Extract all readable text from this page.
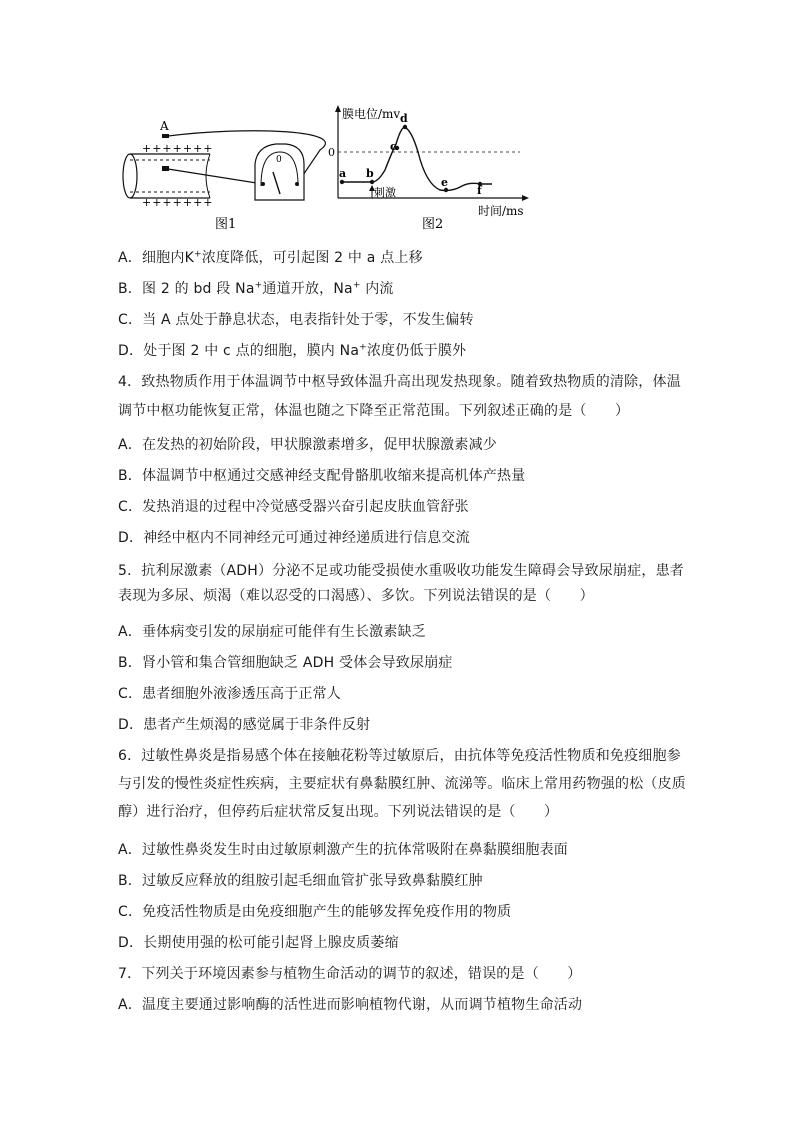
A
+++++++
+++++++
0
图1
膜电位/mv
时间/ms
0
a b
c
d
e
f
刺激
图2
A．细胞内K+浓度降低，可引起图 2 中 a 点上移
B．图 2 的 bd 段 Na+通道开放，Na+ 内流
C．当 A 点处于静息状态，电表指针处于零，不发生偏转
D．处于图 2 中 c 点的细胞，膜内 Na+浓度仍低于膜外
4．致热物质作用于体温调节中枢导致体温升高出现发热现象。随着致热物质的清除，体温
调节中枢功能恢复正常，体温也随之下降至正常范围。下列叙述正确的是（　　）
A．在发热的初始阶段，甲状腺激素增多，促甲状腺激素减少
B．体温调节中枢通过交感神经支配骨骼肌收缩来提高机体产热量
C．发热消退的过程中冷觉感受器兴奋引起皮肤血管舒张
D．神经中枢内不同神经元可通过神经递质进行信息交流
5．抗利尿激素（ADH）分泌不足或功能受损使水重吸收功能发生障碍会导致尿崩症，患者
表现为多尿、烦渴（难以忍受的口渴感）、多饮。下列说法错误的是（　　）
A．垂体病变引发的尿崩症可能伴有生长激素缺乏
B．肾小管和集合管细胞缺乏 ADH 受体会导致尿崩症
C．患者细胞外液渗透压高于正常人
D．患者产生烦渴的感觉属于非条件反射
6．过敏性鼻炎是指易感个体在接触花粉等过敏原后，由抗体等免疫活性物质和免疫细胞参
与引发的慢性炎症性疾病，主要症状有鼻黏膜红肿、流涕等。临床上常用药物强的松（皮质
醇）进行治疗，但停药后症状常反复出现。下列说法错误的是（　　）
A．过敏性鼻炎发生时由过敏原刺激产生的抗体常吸附在鼻黏膜细胞表面
B．过敏反应释放的组胺引起毛细血管扩张导致鼻黏膜红肿
C．免疫活性物质是由免疫细胞产生的能够发挥免疫作用的物质
D．长期使用强的松可能引起肾上腺皮质萎缩
7．下列关于环境因素参与植物生命活动的调节的叙述，错误的是（　　）
A．温度主要通过影响酶的活性进而影响植物代谢，从而调节植物生命活动
